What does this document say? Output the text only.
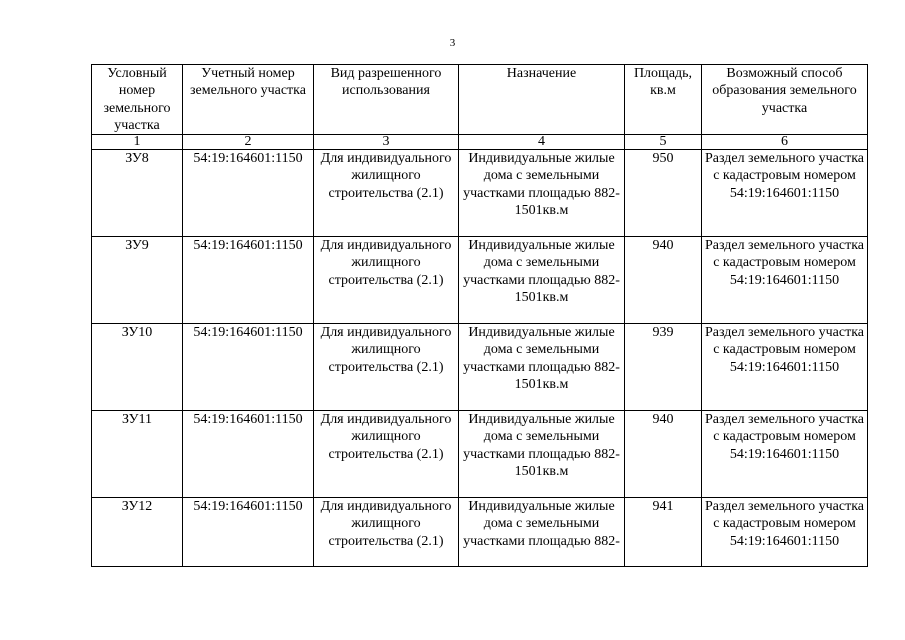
3
Условный номер земельного участка	Учетный номер земельного участка	Вид разрешенного использования	Назначение	Площадь, кв.м	Возможный способ образования земельного участка
1	2	3	4	5	6
ЗУ8	54:19:164601:1150	Для индивидуального жилищного строительства (2.1)	Индивидуальные жилые дома с земельными участками площадью 882-1501кв.м	950	Раздел земельного участка с кадастровым номером 54:19:164601:1150
ЗУ9	54:19:164601:1150	Для индивидуального жилищного строительства (2.1)	Индивидуальные жилые дома с земельными участками площадью 882-1501кв.м	940	Раздел земельного участка с кадастровым номером 54:19:164601:1150
ЗУ10	54:19:164601:1150	Для индивидуального жилищного строительства (2.1)	Индивидуальные жилые дома с земельными участками площадью 882-1501кв.м	939	Раздел земельного участка с кадастровым номером 54:19:164601:1150
ЗУ11	54:19:164601:1150	Для индивидуального жилищного строительства (2.1)	Индивидуальные жилые дома с земельными участками площадью 882-1501кв.м	940	Раздел земельного участка с кадастровым номером 54:19:164601:1150
ЗУ12	54:19:164601:1150	Для индивидуального жилищного строительства (2.1)	Индивидуальные жилые дома с земельными участками площадью 882-	941	Раздел земельного участка с кадастровым номером 54:19:164601:1150
